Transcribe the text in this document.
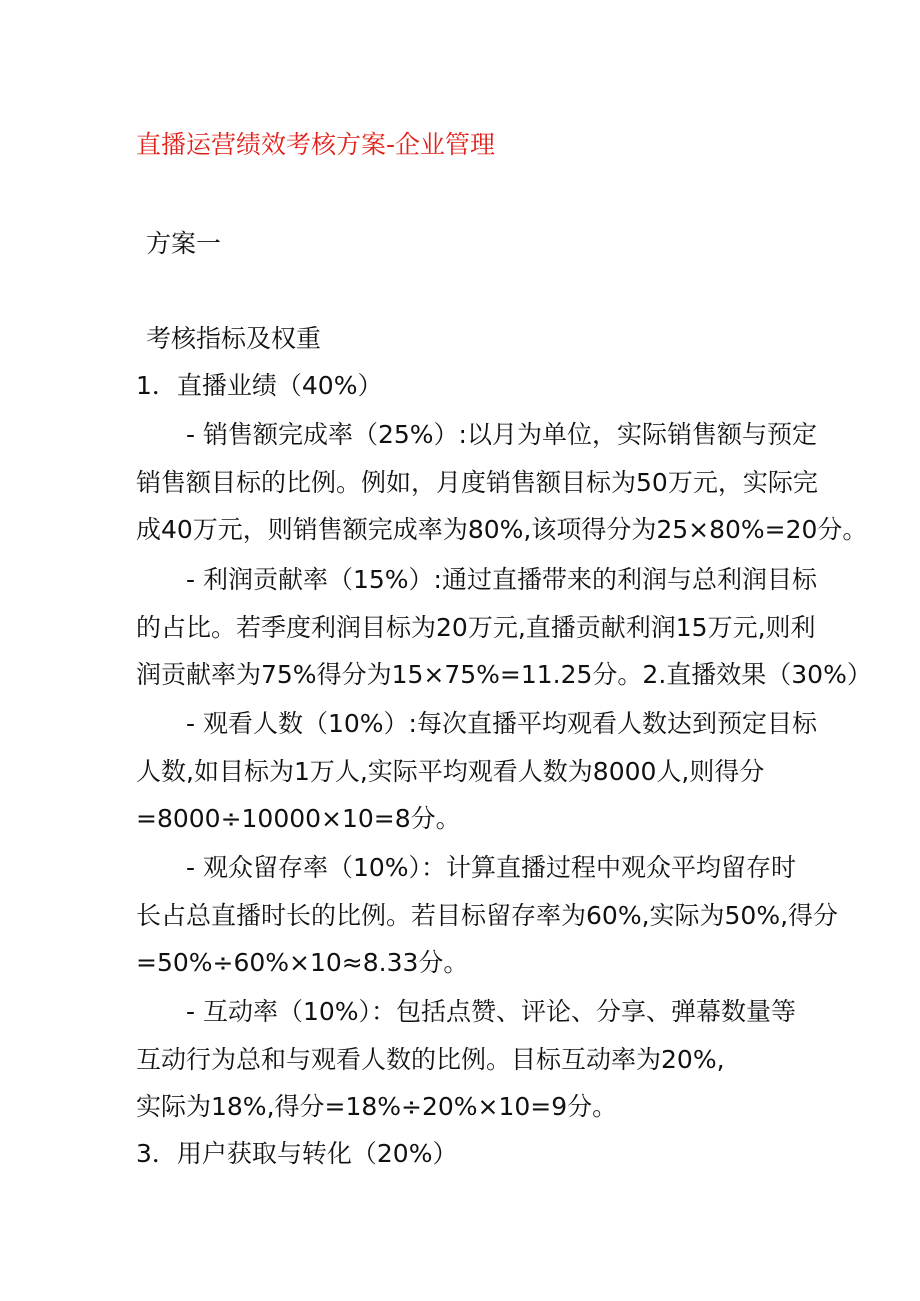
直播运营绩效考核方案-企业管理
方案一
考核指标及权重
1．直播业绩（40%）
- 销售额完成率（25%）:以月为单位，实际销售额与预定
销售额目标的比例。例如，月度销售额目标为50万元，实际完
成40万元，则销售额完成率为80%,该项得分为25×80%=20分。
- 利润贡献率（15%）:通过直播带来的利润与总利润目标
的占比。若季度利润目标为20万元,直播贡献利润15万元,则利
润贡献率为75%得分为15×75%=11.25分。2.直播效果（30%）
- 观看人数（10%）:每次直播平均观看人数达到预定目标
人数,如目标为1万人,实际平均观看人数为8000人,则得分
=8000÷10000×10=8分。
- 观众留存率（10%）：计算直播过程中观众平均留存时
长占总直播时长的比例。若目标留存率为60%,实际为50%,得分
=50%÷60%×10≈8.33分。
- 互动率（10%）：包括点赞、评论、分享、弹幕数量等
互动行为总和与观看人数的比例。目标互动率为20%,
实际为18%,得分=18%÷20%×10=9分。
3．用户获取与转化（20%）
